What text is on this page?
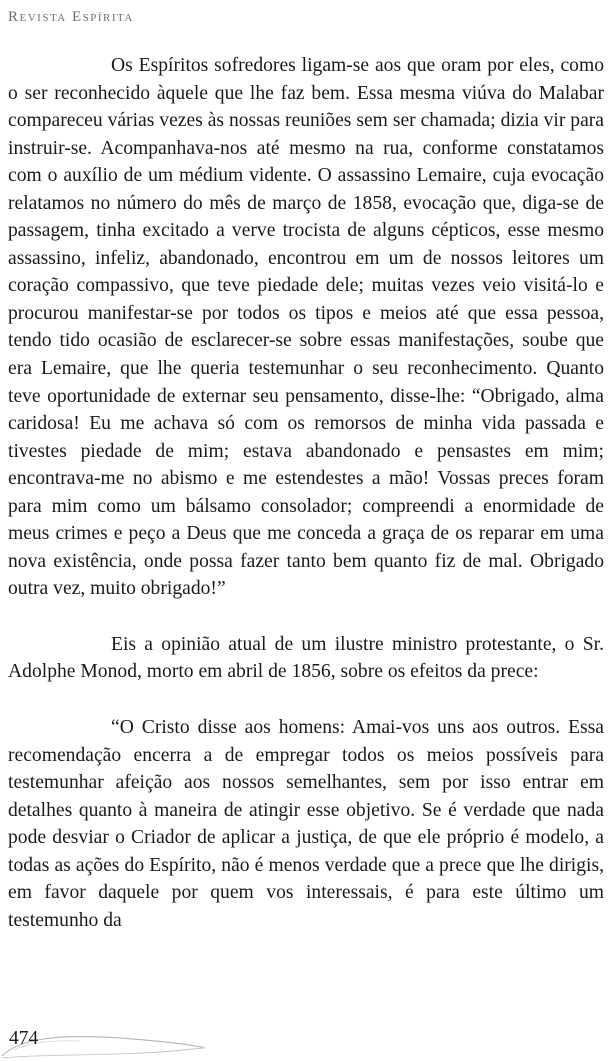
Revista Espírita

Os Espíritos sofredores ligam-se aos que oram por eles, como o ser reconhecido àquele que lhe faz bem. Essa mesma viúva do Malabar compareceu várias vezes às nossas reuniões sem ser chamada; dizia vir para instruir-se. Acompanhava-nos até mesmo na rua, conforme constatamos com o auxílio de um médium vidente. O assassino Lemaire, cuja evocação relatamos no número do mês de março de 1858, evocação que, diga-se de passagem, tinha excitado a verve trocista de alguns cépticos, esse mesmo assassino, infeliz, abandonado, encontrou em um de nossos leitores um coração compassivo, que teve piedade dele; muitas vezes veio visitá-lo e procurou manifestar-se por todos os tipos e meios até que essa pessoa, tendo tido ocasião de esclarecer-se sobre essas manifestações, soube que era Lemaire, que lhe queria testemunhar o seu reconhecimento. Quanto teve oportunidade de externar seu pensamento, disse-lhe: “Obrigado, alma caridosa! Eu me achava só com os remorsos de minha vida passada e tivestes piedade de mim; estava abandonado e pensastes em mim; encontrava-me no abismo e me estendestes a mão! Vossas preces foram para mim como um bálsamo consolador; compreendi a enormidade de meus crimes e peço a Deus que me conceda a graça de os reparar em uma nova existência, onde possa fazer tanto bem quanto fiz de mal. Obrigado outra vez, muito obrigado!”

Eis a opinião atual de um ilustre ministro protestante, o Sr. Adolphe Monod, morto em abril de 1856, sobre os efeitos da prece:

“O Cristo disse aos homens: Amai-vos uns aos outros. Essa recomendação encerra a de empregar todos os meios possíveis para testemunhar afeição aos nossos semelhantes, sem por isso entrar em detalhes quanto à maneira de atingir esse objetivo. Se é verdade que nada pode desviar o Criador de aplicar a justiça, de que ele próprio é modelo, a todas as ações do Espírito, não é menos verdade que a prece que lhe dirigis, em favor daquele por quem vos interessais, é para este último um testemunho da

474
